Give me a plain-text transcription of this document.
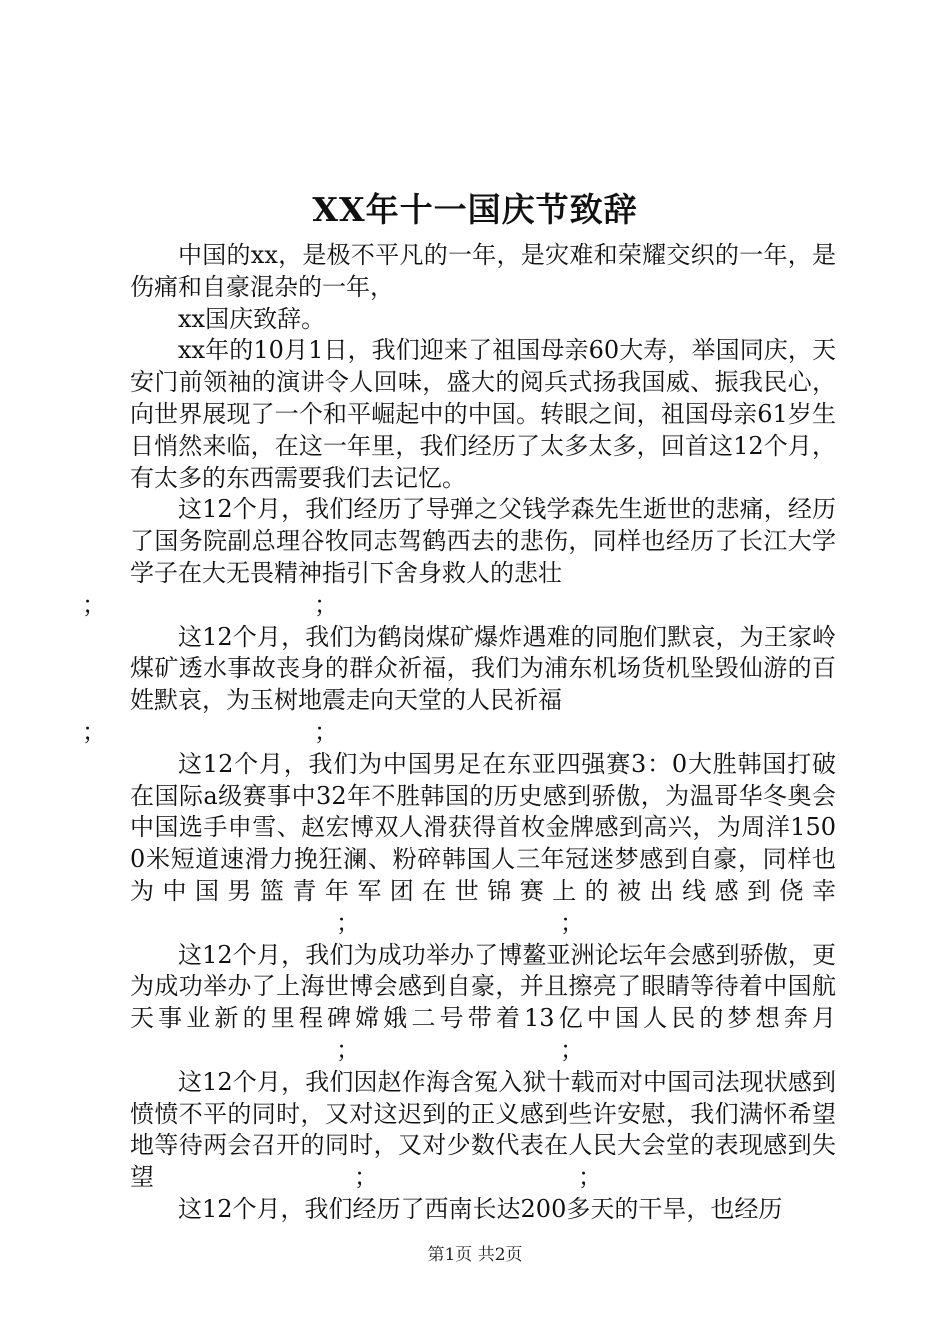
XX年十一国庆节致辞

中国的xx，是极不平凡的一年，是灾难和荣耀交织的一年，是伤痛和自豪混杂的一年，

xx国庆致辞。

xx年的10月1日，我们迎来了祖国母亲60大寿，举国同庆，天安门前领袖的演讲令人回味，盛大的阅兵式扬我国威、振我民心，向世界展现了一个和平崛起中的中国。转眼之间，祖国母亲61岁生日悄然来临，在这一年里，我们经历了太多太多，回首这12个月，有太多的东西需要我们去记忆。

这12个月，我们经历了导弹之父钱学森先生逝世的悲痛，经历了国务院副总理谷牧同志驾鹤西去的悲伤，同样也经历了长江大学学子在大无畏精神指引下舍身救人的悲壮
；	；

这12个月，我们为鹤岗煤矿爆炸遇难的同胞们默哀，为王家岭煤矿透水事故丧身的群众祈福，我们为浦东机场货机坠毁仙游的百姓默哀，为玉树地震走向天堂的人民祈福
；	；

这12个月，我们为中国男足在东亚四强赛3：0大胜韩国打破在国际a级赛事中32年不胜韩国的历史感到骄傲，为温哥华冬奥会中国选手申雪、赵宏博双人滑获得首枚金牌感到高兴，为周洋1500米短道速滑力挽狂澜、粉碎韩国人三年冠迷梦感到自豪，同样也为中国男篮青年军团在世锦赛上的被出线感到侥幸；	；

这12个月，我们为成功举办了博鳌亚洲论坛年会感到骄傲，更为成功举办了上海世博会感到自豪，并且擦亮了眼睛等待着中国航天事业新的里程碑嫦娥二号带着13亿中国人民的梦想奔月；	；

这12个月，我们因赵作海含冤入狱十载而对中国司法现状感到愤愤不平的同时，又对这迟到的正义感到些许安慰，我们满怀希望地等待两会召开的同时，又对少数代表在人民大会堂的表现感到失望	；	；

这12个月，我们经历了西南长达200多天的干旱，也经历

第1页 共2页
